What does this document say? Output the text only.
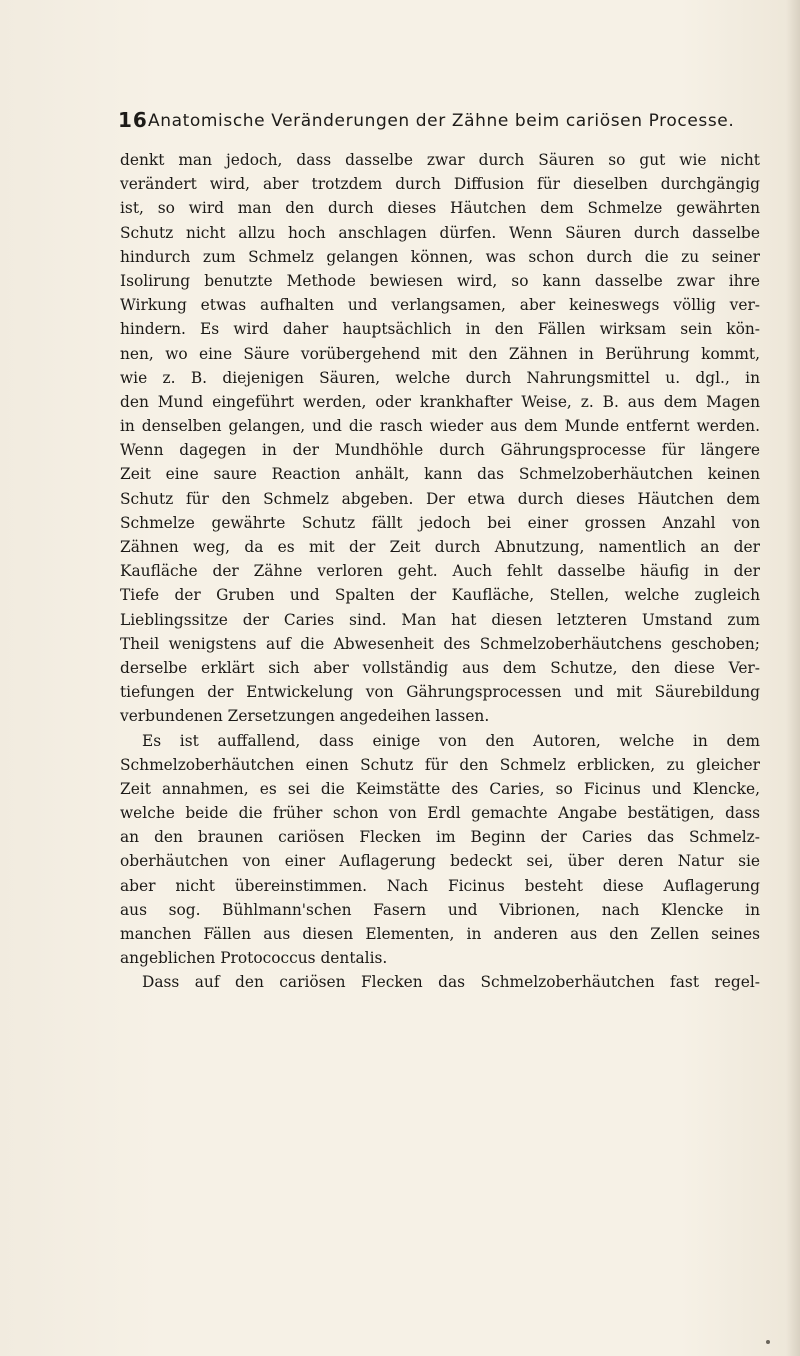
16 Anatomische Veränderungen der Zähne beim cariösen Processe.
denkt man jedoch, dass dasselbe zwar durch Säuren so gut wie nicht
verändert wird, aber trotzdem durch Diffusion für dieselben durchgängig
ist, so wird man den durch dieses Häutchen dem Schmelze gewährten
Schutz nicht allzu hoch anschlagen dürfen. Wenn Säuren durch dasselbe
hindurch zum Schmelz gelangen können, was schon durch die zu seiner
Isolirung benutzte Methode bewiesen wird, so kann dasselbe zwar ihre
Wirkung etwas aufhalten und verlangsamen, aber keineswegs völlig ver-
hindern. Es wird daher hauptsächlich in den Fällen wirksam sein kön-
nen, wo eine Säure vorübergehend mit den Zähnen in Berührung kommt,
wie z. B. diejenigen Säuren, welche durch Nahrungsmittel u. dgl., in
den Mund eingeführt werden, oder krankhafter Weise, z. B. aus dem Magen
in denselben gelangen, und die rasch wieder aus dem Munde entfernt werden.
Wenn dagegen in der Mundhöhle durch Gährungsprocesse für längere
Zeit eine saure Reaction anhält, kann das Schmelzoberhäutchen keinen
Schutz für den Schmelz abgeben. Der etwa durch dieses Häutchen dem
Schmelze gewährte Schutz fällt jedoch bei einer grossen Anzahl von
Zähnen weg, da es mit der Zeit durch Abnutzung, namentlich an der
Kaufläche der Zähne verloren geht. Auch fehlt dasselbe häufig in der
Tiefe der Gruben und Spalten der Kaufläche, Stellen, welche zugleich
Lieblingssitze der Caries sind. Man hat diesen letzteren Umstand zum
Theil wenigstens auf die Abwesenheit des Schmelzoberhäutchens geschoben;
derselbe erklärt sich aber vollständig aus dem Schutze, den diese Ver-
tiefungen der Entwickelung von Gährungsprocessen und mit Säurebildung
verbundenen Zersetzungen angedeihen lassen.
Es ist auffallend, dass einige von den Autoren, welche in dem
Schmelzoberhäutchen einen Schutz für den Schmelz erblicken, zu gleicher
Zeit annahmen, es sei die Keimstätte des Caries, so Ficinus und Klencke,
welche beide die früher schon von Erdl gemachte Angabe bestätigen, dass
an den braunen cariösen Flecken im Beginn der Caries das Schmelz-
oberhäutchen von einer Auflagerung bedeckt sei, über deren Natur sie
aber nicht übereinstimmen. Nach Ficinus besteht diese Auflagerung
aus sog. Bühlmann'schen Fasern und Vibrionen, nach Klencke in
manchen Fällen aus diesen Elementen, in anderen aus den Zellen seines
angeblichen Protococcus dentalis.
Dass auf den cariösen Flecken das Schmelzoberhäutchen fast regel-
